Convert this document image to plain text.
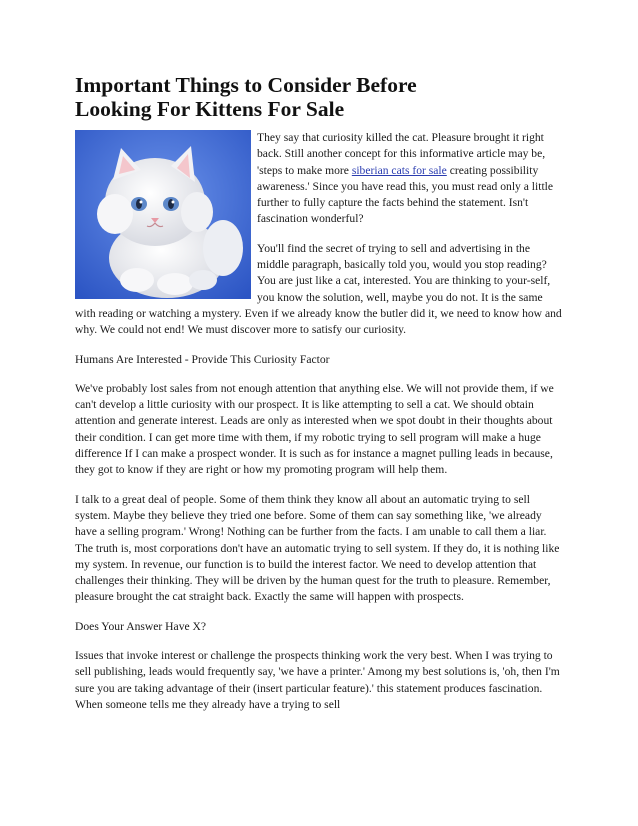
Important Things to Consider Before
Looking For Kittens For Sale

They say that curiosity killed the cat. Pleasure brought it right back. Still another concept for this informative article may be, 'steps to make more siberian cats for sale creating possibility awareness.' Since you have read this, you must read only a little further to fully capture the facts behind the statement. Isn't fascination wonderful?

You'll find the secret of trying to sell and advertising in the middle paragraph, basically told you, would you stop reading? You are just like a cat, interested. You are thinking to your-self, you know the solution, well, maybe you do not. It is the same with reading or watching a mystery. Even if we already know the butler did it, we need to know how and why. We could not end! We must discover more to satisfy our curiosity.

Humans Are Interested - Provide This Curiosity Factor

We've probably lost sales from not enough attention that anything else. We will not provide them, if we can't develop a little curiosity with our prospect. It is like attempting to sell a cat. We should obtain attention and generate interest. Leads are only as interested when we spot doubt in their thoughts about their condition. I can get more time with them, if my robotic trying to sell program will make a huge difference If I can make a prospect wonder. It is such as for instance a magnet pulling leads in because, they got to know if they are right or how my promoting program will help them.

I talk to a great deal of people. Some of them think they know all about an automatic trying to sell system. Maybe they believe they tried one before. Some of them can say something like, 'we already have a selling program.' Wrong! Nothing can be further from the facts. I am unable to call them a liar. The truth is, most corporations don't have an automatic trying to sell system. If they do, it is nothing like my system. In revenue, our function is to build the interest factor. We need to develop attention that challenges their thinking. They will be driven by the human quest for the truth to pleasure. Remember, pleasure brought the cat straight back. Exactly the same will happen with prospects.

Does Your Answer Have X?

Issues that invoke interest or challenge the prospects thinking work the very best. When I was trying to sell publishing, leads would frequently say, 'we have a printer.' Among my best solutions is, 'oh, then I'm sure you are taking advantage of their (insert particular feature).' this statement produces fascination. When someone tells me they already have a trying to sell
